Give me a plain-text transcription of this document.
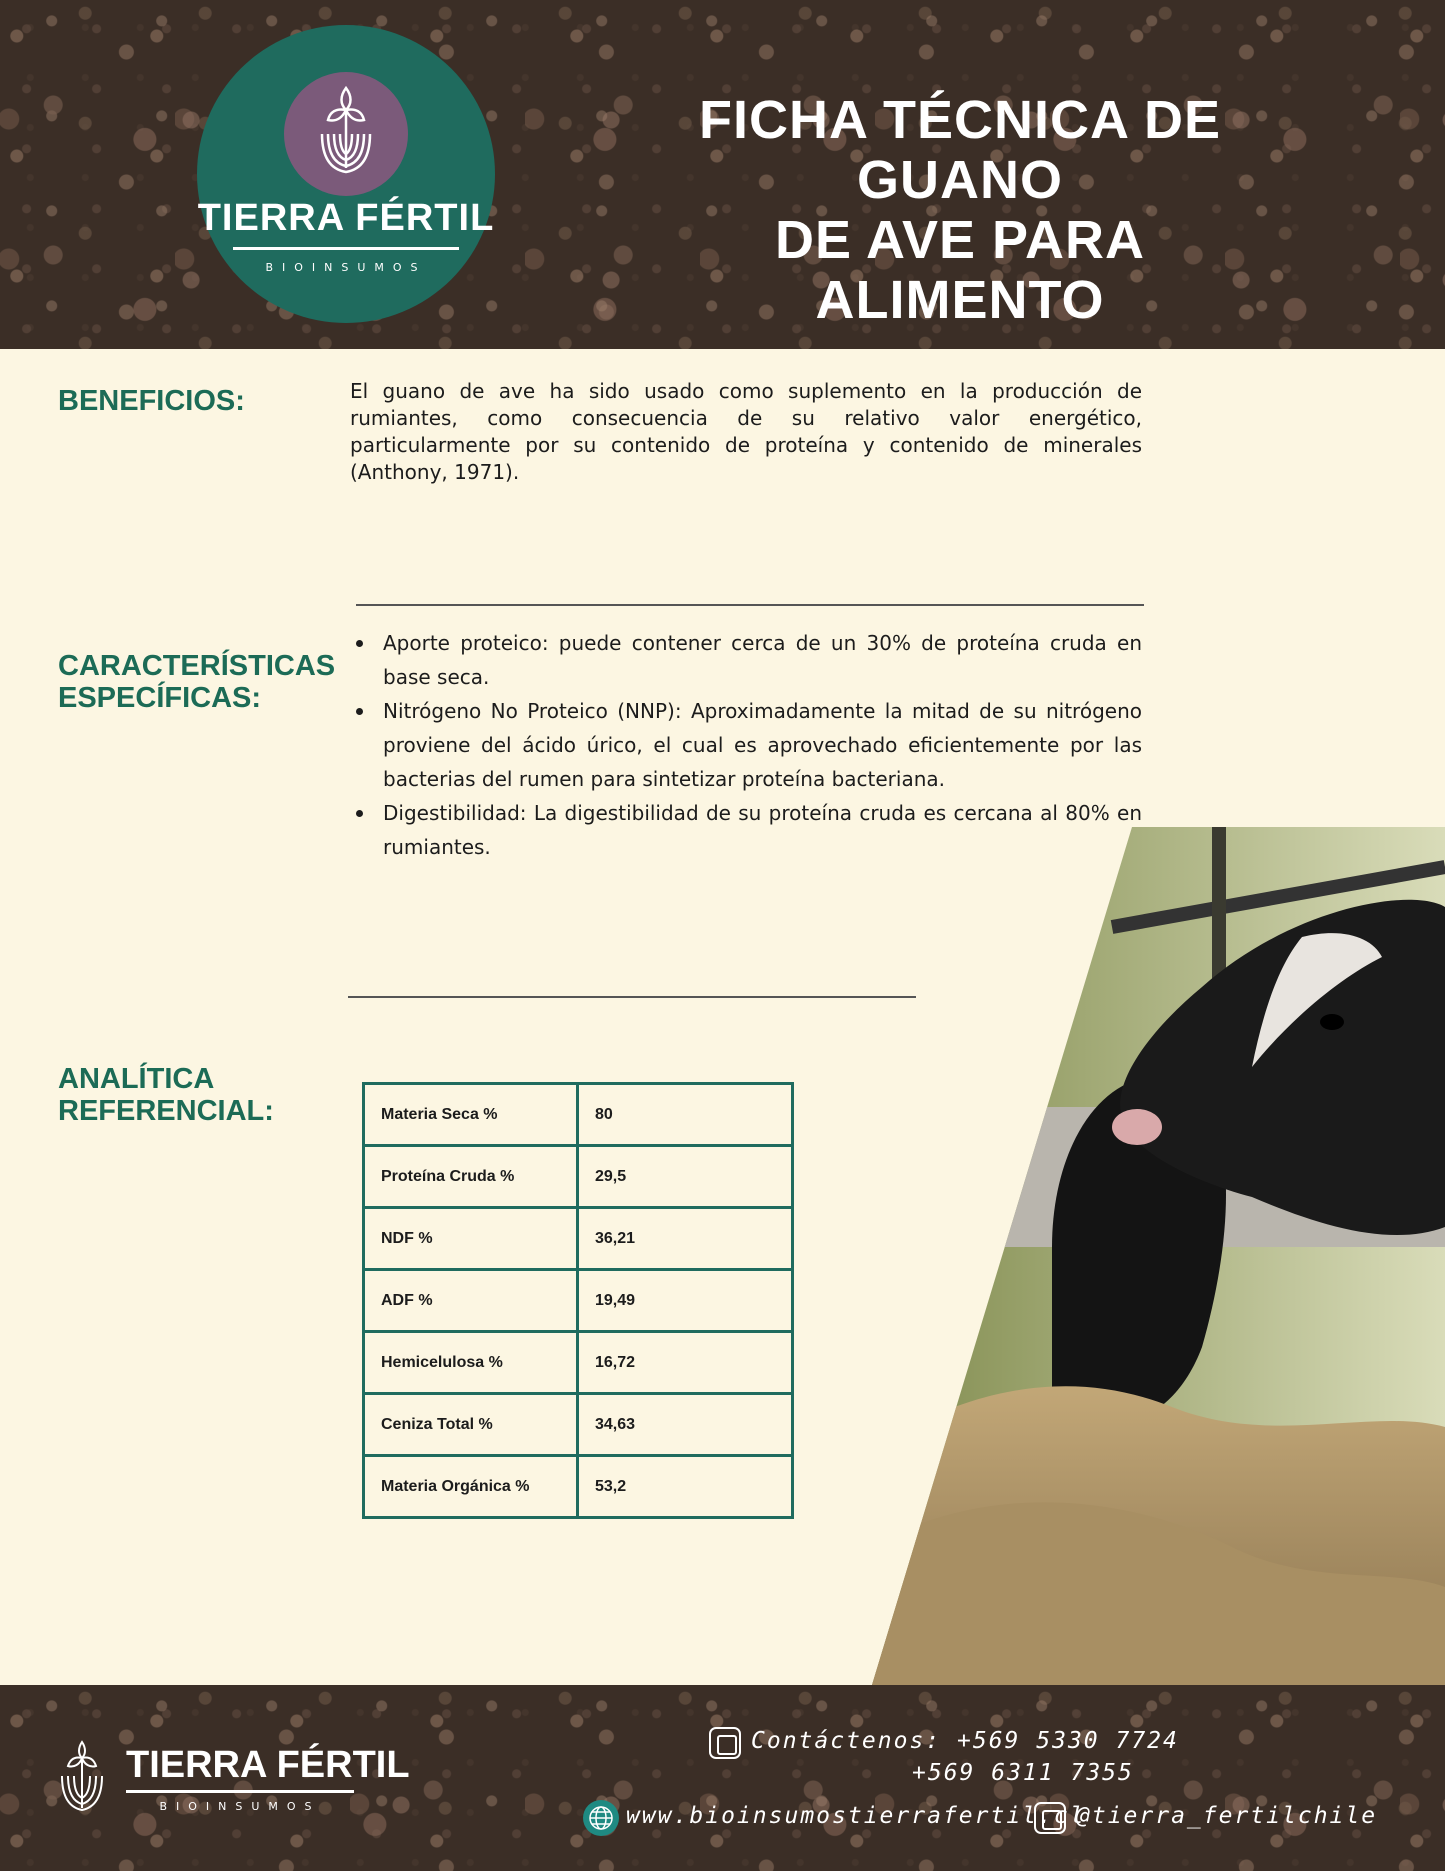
TIERRA FÉRTIL
BIOINSUMOS
FICHA TÉCNICA DE GUANO
DE AVE PARA ALIMENTO
BENEFICIOS:	El guano de ave ha sido usado como suplemento en la producción de rumiantes, como consecuencia de su relativo valor energético, particularmente por su contenido de proteína y contenido de minerales (Anthony, 1971).

CARACTERÍSTICAS
ESPECÍFICAS:
Aporte proteico: puede contener cerca de un 30% de proteína cruda en base seca.
Nitrógeno No Proteico (NNP): Aproximadamente la mitad de su nitrógeno proviene del ácido úrico, el cual es aprovechado eficientemente por las bacterias del rumen para sintetizar proteína bacteriana.
Digestibilidad: La digestibilidad de su proteína cruda es cercana al 80% en rumiantes.
ANALÍTICA
REFERENCIAL:	Materia Seca %	80
Proteína Cruda %	29,5
NDF %	36,21
ADF %	19,49
Hemicelulosa %	16,72
Ceniza Total %	34,63
Materia Orgánica %	53,2
TIERRA FÉRTIL
BIOINSUMOS
Contáctenos: +569 5330 7724
+569 6311 7355
www.bioinsumostierrafertil.cl
@tierra_fertilchile
